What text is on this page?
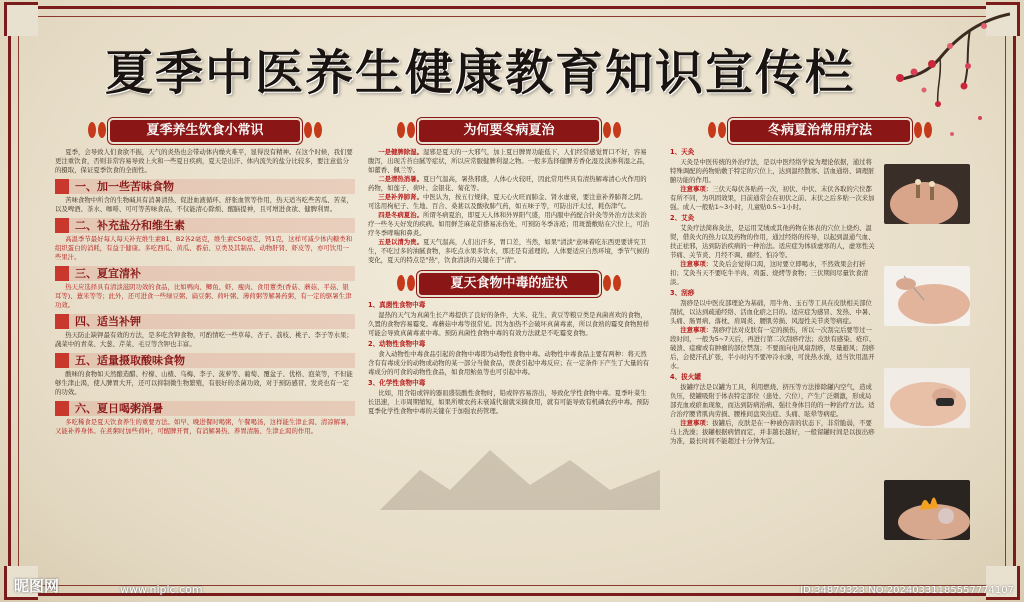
夏季中医养生健康教育知识宣传栏
夏季养生饮食小常识

夏季，会导致人们食欲不振，天气的炎热也会带动体内燥火难平，显得没有精神。在这个时候，我们要更注重饮食，否则非常容易导致上火和一些夏日疾病，夏天是出汗、体内流失的盐分比较多，要注意盐分的摄取，保证夏季饮食的全面性。

一、加一些苦味食物

苦味食物中所含的生物碱具有消暑清热、促进血液循环、舒张血管等作用，热天适当吃些苦瓜、苦菜，以及啤酒、茶水、咖啡、可可等苦味食品，不仅能清心除烦、醒脑提神，且可增进食欲、健脾利胃。

二、补充盐分和维生素

高温季节最好每人每天补充维生素B1、B2各2毫克，维生素C50毫克，钙1克，这样可减少体内糖类和组织蛋白的消耗，有益于健康。多吃西瓜、黄瓜、番茄、豆类及其制品、动物肝肾、虾皮等，亦可饮用一些果汁。

三、夏宜清补

热天应选择具有清淡滋阴功效的食品，比如鸭肉、鲫鱼、虾、瘦肉、食用蕈类(香菇、蘑菇、平菇、银耳等)、薏米等等；此外，还可进食一些绿豆粥、扁豆粥、荷叶粥、薄荷粥等解暑药粥，有一定的驱暑生津功效。

四、适当补钾

热天防止缺钾最有效的方法，是多吃含钾食物，可酌情吃一些草莓、杏子、荔枝、桃子、李子等水果；蔬菜中的青菜、大葱、芹菜、毛豆等含钾也丰富。

五、适量摄取酸味食物

酸味的食物如天然酿造醋、柠檬、山楂、乌梅、李子、菠萝等、葡萄、覆盆子、优格、泡菜等，不但能够生津止渴，使人脾胃大开，还可以抑制微生物繁殖，有很好的杀菌功效，对于预防感冒、发炎也有一定的功效。

六、夏日喝粥消暑

多吃稀食是夏天饮食养生的重要方法。如早、晚进餐时喝粥，午餐喝汤，这样能生津止渴、清凉解暑，又能补养身体。在煮粥时加些荷叶，可醒脾开胃，有消解暑热、养胃清肠、生津止渴的作用。

为何要冬病夏治

一是健脾除湿。湿邪是夏天的一大邪气，加上夏日脾胃功能低下，人们经常感觉胃口不好，容易腹泻，出现舌苔白腻等症状，所以应常服健脾利湿之物。一般多选择健脾芳香化湿及淡渗利湿之品，如藿香、佩兰等。

二是清热消暑。夏日气温高，暑热邪盛，人体心火较旺，因此常用些具有清热解毒清心火作用的药物，如莲子、荷叶、金银花、菊花等。

三是补养肺肾。中医认为，按五行规律，夏天心火旺而肺金、肾水虚衰，要注意补养肺肾之阴。可选用枸杞子、生地、百合、桑葚以及酸收肺气药，如五味子等，可防出汗太过，耗伤津气。

四是冬病夏治。所谓冬病夏治，即夏天人体和外界阳气盛，用内服中药配合针灸等外治方法来治疗一些冬天好发的疾病。如用鲜芝麻花常搽易冻伤处，可预防冬季冻疮；用斑蝥敷贴在穴位上，可治疗冬季哮喘和鼻炎。

五是以清为贵。夏天气温高，人们出汗多，胃口差，当然，如果"清淡"意味着吃东西更要讲究卫生，不吃过多的油腻食物，多吃点水果多饮水，那还是有道理的。人体要适应自然环境，季节气候的变化，夏天的特点是"热"，饮食清淡的关键在于"清"。

夏天食物中毒的症状
1、真菌性食物中毒

湿热的天气为真菌生长产毒提供了良好的条件，大米、花生、黄豆等粮豆类是真菌喜欢的食物，久置的食物容易霉变。毒蘑菇中毒等很常见。因为加热不会破坏真菌毒素，所以食熟的霉变食物照样可能会导致真菌毒素中毒。预防真菌性食物中毒的有效方法就是不吃霉变食物。

2、动物性食物中毒

食入动物性中毒食品引起的食物中毒即为动物性食物中毒。动物性中毒食品主要有两种：将天然含有有毒成分的动物或动物的某一部分当做食品，误食引起中毒反应；在一定条件下产生了大量的有毒成分的可食的动物性食品，如食用鲐鱼等也可引起中毒。

3、化学性食物中毒

比如，用含铅或锌的器皿盛装酸性食物时，铅或锌容易溶出，导致化学性食物中毒。夏季叶菜生长迅速，上市周期缩短，如果所喷农药未衰减代谢就采摘食用，就有可能导致有机磷农药中毒。预防夏季化学性食物中毒的关键在于加强农药管理。

冬病夏治常用疗法
1、天灸

天灸是中医传统的外治疗法，是以中医经络学说为理论依据，通过将特殊调配的药物贴敷于特定的穴位上，达到温经散寒、活血通络、调理脏腑功能的作用。

注意事项：三伏天每伏各贴药一次，初伏、中伏、末伏各取的穴位都有所不同，为巩固效果，目前通常会在初伏之前、末伏之后多贴一次来加强。成人一般贴1~3小时，儿童贴0.5~1小时。

2、艾灸

艾灸疗法简称灸法，是运用艾绒或其他药物在体表的穴位上烧灼、温熨，借灸火的热力以及药物的作用，通过经络的传导，以起到温通气血、扶正祛邪，达到防治疾病的一种治法。适应症为体质虚寒的人，虚寒性关节痛、关节炎、月经不调、痛经、怕冷等。

注意事项：艾灸后会觉得口渴，这时要立即喝水，不然效果会打折扣；艾灸当天不要吃牛羊肉、鸡蛋、烧烤等食物；三伏期间尽量饮食清淡。

3、刮痧

刮痧是以中医皮部理论为基础，用牛角、玉石等工具在皮肤相关部位刮拭，以达到疏通经络、活血化瘀之目的。适应症为感冒、发热、中暑、头痛、肠胃病、落枕、肩周炎、腰肌劳损、风湿性关节炎等病症。

注意事项：刮痧疗法对皮肤有一定的损伤，所以一次刮完后要等过一段时间，一般为5~7天后，再进行第二次刮痧疗法；皮肤有感染、疮疖、破溃、痣瘤或有肿瘤的部位禁刮；不要面向电风扇刮痧，尽量避风；刮痧后，会使汗孔扩张，半小时内不要冲冷水澡，可洗热水澡，适当饮用温开水。

4、拔火罐

拔罐疗法是以罐为工具，利用燃烧、挤压等方法排除罐内空气，造成负压，使罐吸附于体表特定部位（患处、穴位），产生广泛刺激，形成局部充血或瘀血现象，而达到防病治病、强壮身体目的的一种治疗方法。适合治疗腰背肌肉劳损、腰椎间盘突出症、头痛、眩晕等病症。

注意事项：拔罐后，皮肤是在一种被伤害的状态下，非常脆弱，不要马上洗澡；拔罐根据病情而定，并非越长越好，一般留罐时间是以拔出痧为准，最长时间不能超过十分钟为宜。

昵图网	www.nipic.com	ID:34879323 NO:20240331185557774107
